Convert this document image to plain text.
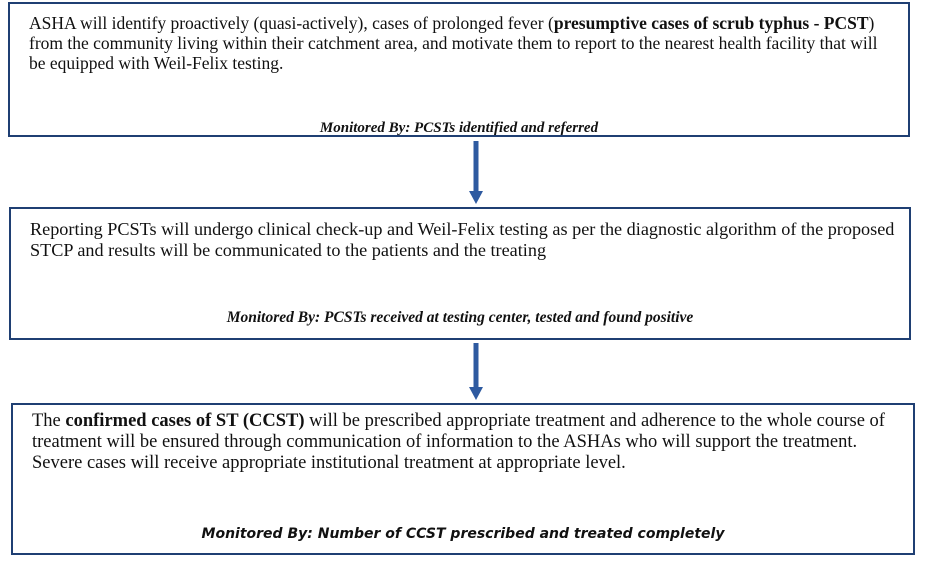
ASHA will identify proactively (quasi-actively), cases of prolonged fever (presumptive cases of scrub typhus - PCST) from the community living within their catchment area, and motivate them to report to the nearest health facility that will be equipped with Weil-Felix testing.
Monitored By: PCSTs identified and referred
Reporting PCSTs will undergo clinical check-up and Weil-Felix testing as per the diagnostic algorithm of the proposed STCP and results will be communicated to the patients and the treating
Monitored By: PCSTs received at testing center, tested and found positive
The confirmed cases of ST (CCST) will be prescribed appropriate treatment and adherence to the whole course of treatment will be ensured through communication of information to the ASHAs who will support the treatment. Severe cases will receive appropriate institutional treatment at appropriate level.
Monitored By: Number of CCST prescribed and treated completely
